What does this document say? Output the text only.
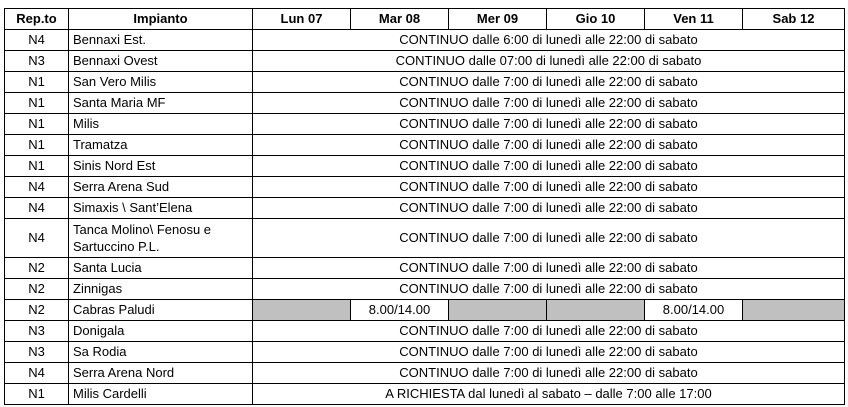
Rep.to	Impianto	Lun 07	Mar 08	Mer 09	Gio 10	Ven 11	Sab 12
N4	Bennaxi Est.	CONTINUO dalle 6:00 di lunedì alle 22:00 di sabato					
N3	Bennaxi Ovest	CONTINUO dalle 07:00 di lunedì alle 22:00 di sabato					
N1	San Vero Milis	CONTINUO dalle 7:00 di lunedì alle 22:00 di sabato					
N1	Santa Maria MF	CONTINUO dalle 7:00 di lunedì alle 22:00 di sabato					
N1	Milis	CONTINUO dalle 7:00 di lunedì alle 22:00 di sabato					
N1	Tramatza	CONTINUO dalle 7:00 di lunedì alle 22:00 di sabato					
N1	Sinis Nord Est	CONTINUO dalle 7:00 di lunedì alle 22:00 di sabato					
N4	Serra Arena Sud	CONTINUO dalle 7:00 di lunedì alle 22:00 di sabato					
N4	Simaxis \ Sant’Elena	CONTINUO dalle 7:00 di lunedì alle 22:00 di sabato					
N4	Tanca Molino\ Fenosu e Sartuccino P.L.	CONTINUO dalle 7:00 di lunedì alle 22:00 di sabato					
N2	Santa Lucia	CONTINUO dalle 7:00 di lunedì alle 22:00 di sabato					
N2	Zinnigas	CONTINUO dalle 7:00 di lunedì alle 22:00 di sabato					
N2	Cabras Paludi		8.00/14.00			8.00/14.00	
N3	Donigala	CONTINUO dalle 7:00 di lunedì alle 22:00 di sabato					
N3	Sa Rodia	CONTINUO dalle 7:00 di lunedì alle 22:00 di sabato					
N4	Serra Arena Nord	CONTINUO dalle 7:00 di lunedì alle 22:00 di sabato					
N1	Milis Cardelli	A RICHIESTA dal lunedì al sabato – dalle 7:00 alle 17:00					
